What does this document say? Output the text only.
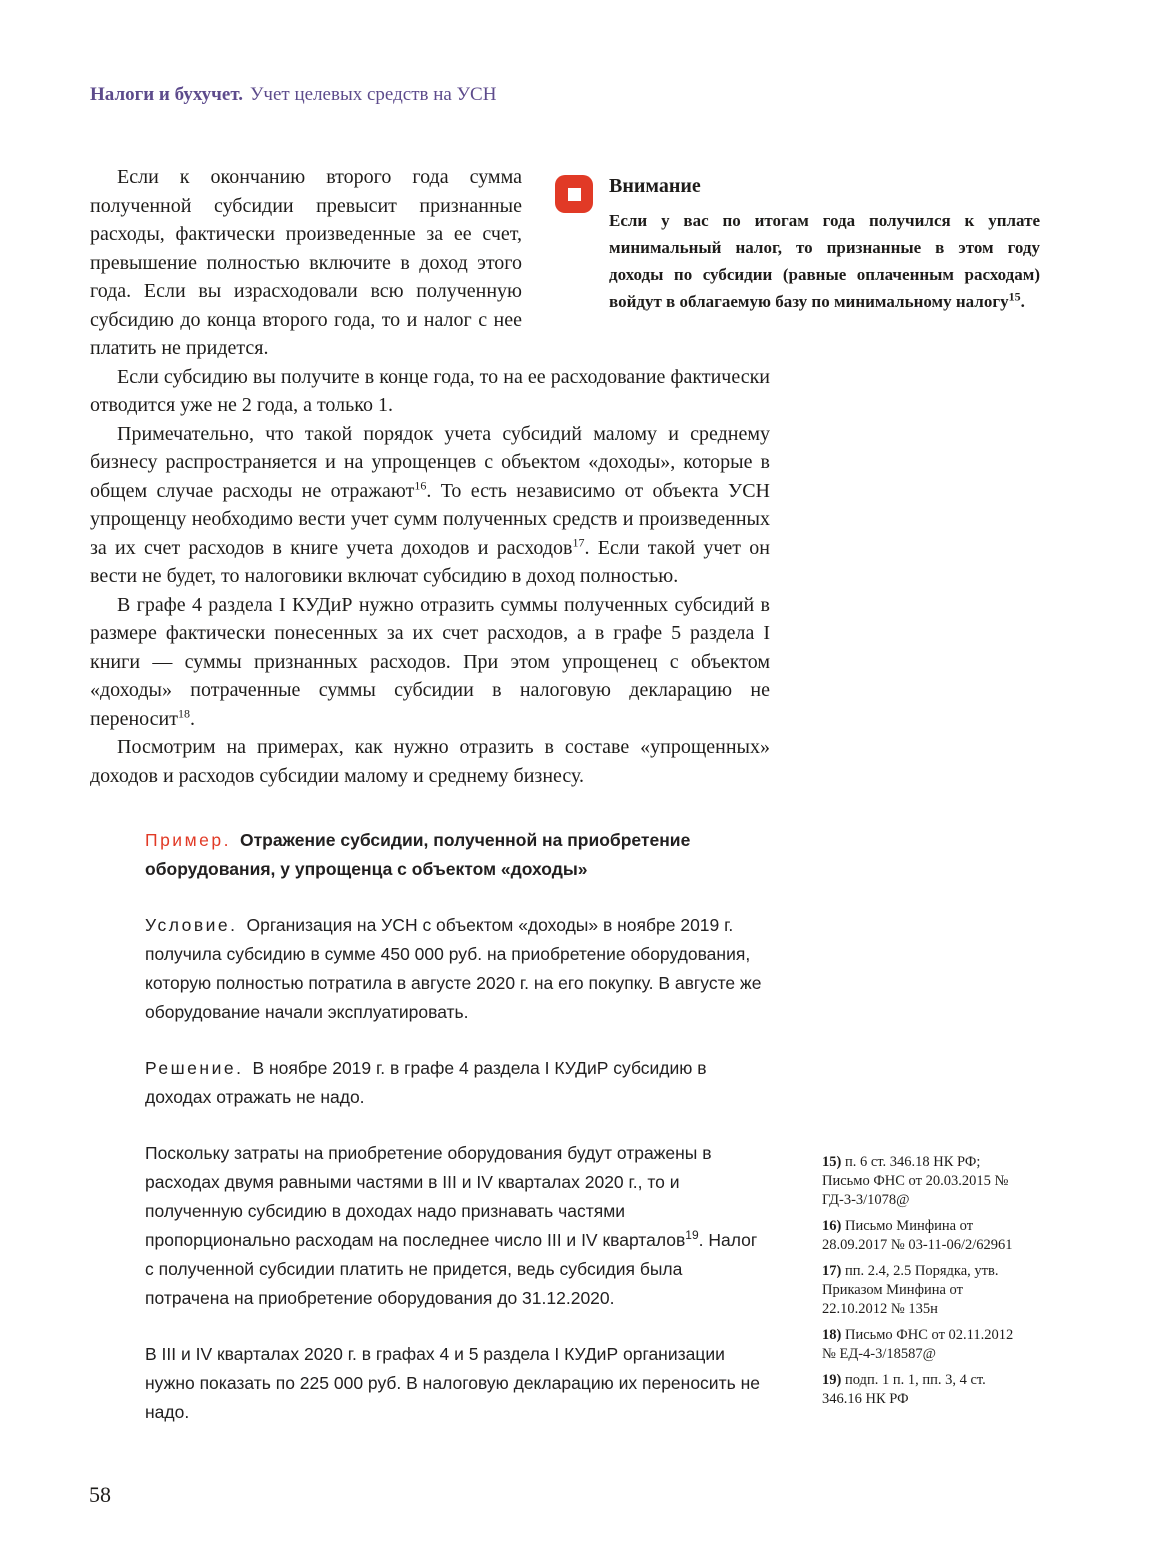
Налоги и бухучет. Учет целевых средств на УСН

Если к окончанию второго года сумма полученной субсидии превысит признанные расходы, фактически произведенные за ее счет, превышение полностью включите в доход этого года. Если вы израсходовали всю полученную субсидию до конца второго года, то и налог с нее платить не придется.

Внимание

Если у вас по итогам года получился к уплате минимальный налог, то признанные в этом году доходы по субсидии (равные оплаченным расходам) войдут в облагаемую базу по минимальному налогу$^{15}$.

Если субсидию вы получите в конце года, то на ее расходование фактически отводится уже не 2 года, а только 1.

Примечательно, что такой порядок учета субсидий малому и среднему бизнесу распространяется и на упрощенцев с объектом «доходы», которые в общем случае расходы не отражают$^{16}$. То есть независимо от объекта УСН упрощенцу необходимо вести учет сумм полученных средств и произведенных за их счет расходов в книге учета доходов и расходов$^{17}$. Если такой учет он вести не будет, то налоговики включат субсидию в доход полностью.

В графе 4 раздела I КУДиР нужно отразить суммы полученных субсидий в размере фактически понесенных за их счет расходов, а в графе 5 раздела I книги — суммы признанных расходов. При этом упрощенец с объектом «доходы» потраченные суммы субсидии в налоговую декларацию не переносит$^{18}$.

Посмотрим на примерах, как нужно отразить в составе «упрощенных» доходов и расходов субсидии малому и среднему бизнесу.

Пример. Отражение субсидии, полученной на приобретение оборудования, у упрощенца с объектом «доходы»

Условие. Организация на УСН с объектом «доходы» в ноябре 2019 г. получила субсидию в сумме 450 000 руб. на приобретение оборудования, которую полностью потратила в августе 2020 г. на его покупку. В августе же оборудование начали эксплуатировать.

Решение. В ноябре 2019 г. в графе 4 раздела I КУДиР субсидию в доходах отражать не надо.

Поскольку затраты на приобретение оборудования будут отражены в расходах двумя равными частями в III и IV кварталах 2020 г., то и полученную субсидию в доходах надо признавать частями пропорционально расходам на последнее число III и IV кварталов$^{19}$. Налог с полученной субсидии платить не придется, ведь субсидия была потрачена на приобретение оборудования до 31.12.2020.

В III и IV кварталах 2020 г. в графах 4 и 5 раздела I КУДиР организации нужно показать по 225 000 руб. В налоговую декларацию их переносить не надо.

15) п. 6 ст. 346.18 НК РФ; Письмо ФНС от 20.03.2015 № ГД-3-3/1078@

16) Письмо Минфина от 28.09.2017 № 03-11-06/2/62961

17) пп. 2.4, 2.5 Порядка, утв. Приказом Минфина от 22.10.2012 № 135н

18) Письмо ФНС от 02.11.2012 № ЕД-4-3/18587@

19) подп. 1 п. 1, пп. 3, 4 ст. 346.16 НК РФ

58
